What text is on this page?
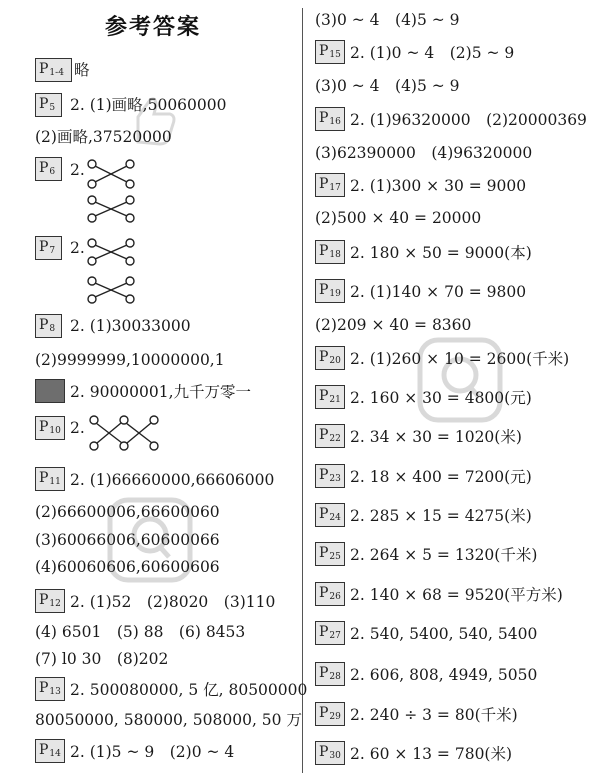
参考答案
P1-4 略
P5 2. (1)画略,50060000
(2)画略,37520000
P6 2.
P7 2.
P8 2. (1)30033000
(2)9999999,10000000,1
2. 90000001,九千万零一
P10 2.
P11 2. (1)66660000,66606000
(2)66600006,66600060
(3)60066006,60600066
(4)60060606,60600606
P12 2. (1)52　(2)8020　(3)110
(4) 6501　(5) 88　(6) 8453
(7) l0 30　(8)202
P13 2. 500080000, 5 亿, 80500000
80050000, 580000, 508000, 50 万
P14 2. (1)5 ~ 9　(2)0 ~ 4
(3)0 ~ 4　(4)5 ~ 9
P15 2. (1)0 ~ 4　(2)5 ~ 9
(3)0 ~ 4　(4)5 ~ 9
P16 2. (1)96320000　(2)20000369
(3)62390000　(4)96320000
P17 2. (1)300 × 30 = 9000
(2)500 × 40 = 20000
P18 2. 180 × 50 = 9000(本)
P19 2. (1)140 × 70 = 9800
(2)209 × 40 = 8360
P20 2. (1)260 × 10 = 2600(千米)
P21 2. 160 × 30 = 4800(元)
P22 2. 34 × 30 = 1020(米)
P23 2. 18 × 400 = 7200(元)
P24 2. 285 × 15 = 4275(米)
P25 2. 264 × 5 = 1320(千米)
P26 2. 140 × 68 = 9520(平方米)
P27 2. 540, 5400, 540, 5400
P28 2. 606, 808, 4949, 5050
P29 2. 240 ÷ 3 = 80(千米)
P30 2. 60 × 13 = 780(米)
